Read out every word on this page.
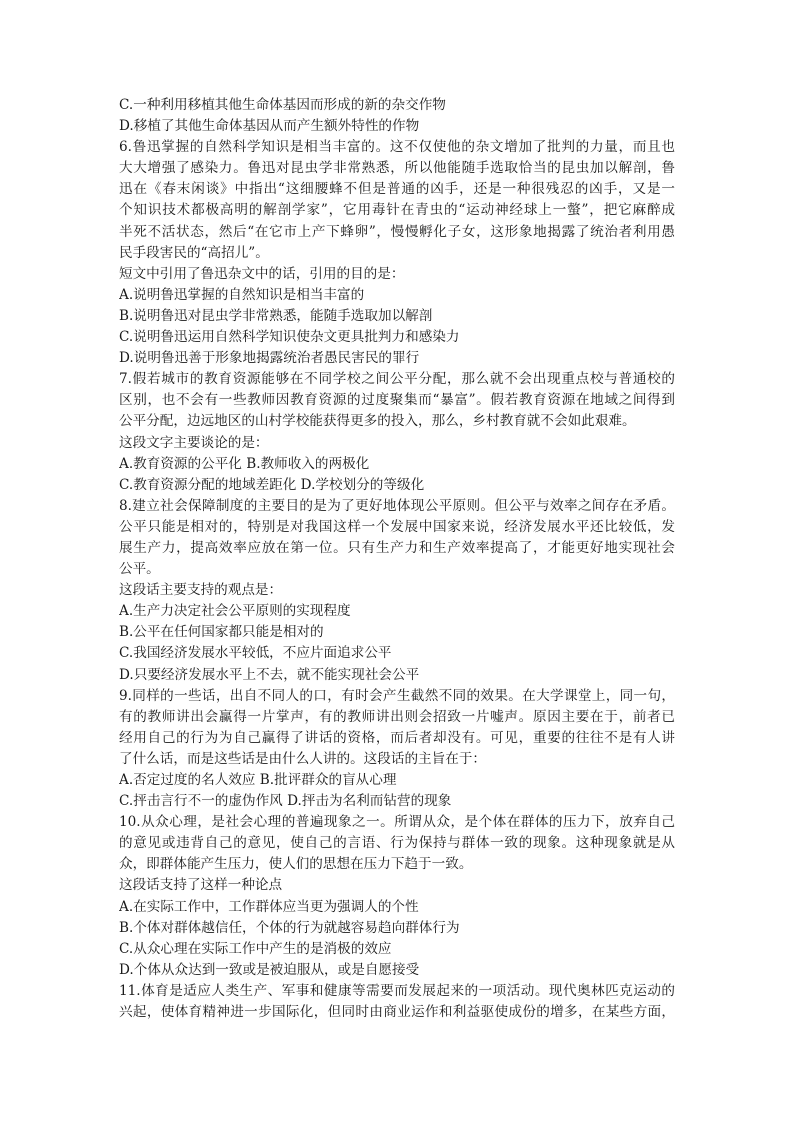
C.一种利用移植其他生命体基因而形成的新的杂交作物
D.移植了其他生命体基因从而产生额外特性的作物
6.鲁迅掌握的自然科学知识是相当丰富的。这不仅使他的杂文增加了批判的力量，而且也
大大增强了感染力。鲁迅对昆虫学非常熟悉，所以他能随手选取恰当的昆虫加以解剖，鲁
迅在《春末闲谈》中指出“这细腰蜂不但是普通的凶手，还是一种很残忍的凶手，又是一
个知识技术都极高明的解剖学家”，它用毒针在青虫的“运动神经球上一螫”，把它麻醉成
半死不活状态，然后“在它市上产下蜂卵”，慢慢孵化子女，这形象地揭露了统治者利用愚
民手段害民的“高招儿”。
短文中引用了鲁迅杂文中的话，引用的目的是：
A.说明鲁迅掌握的自然知识是相当丰富的
B.说明鲁迅对昆虫学非常熟悉，能随手选取加以解剖
C.说明鲁迅运用自然科学知识使杂文更具批判力和感染力
D.说明鲁迅善于形象地揭露统治者愚民害民的罪行
7.假若城市的教育资源能够在不同学校之间公平分配，那么就不会出现重点校与普通校的
区别，也不会有一些教师因教育资源的过度聚集而“暴富”。假若教育资源在地域之间得到
公平分配，边远地区的山村学校能获得更多的投入，那么，乡村教育就不会如此艰难。
这段文字主要谈论的是：
A.教育资源的公平化 B.教师收入的两极化
C.教育资源分配的地域差距化 D.学校划分的等级化
8.建立社会保障制度的主要目的是为了更好地体现公平原则。但公平与效率之间存在矛盾。
公平只能是相对的，特别是对我国这样一个发展中国家来说，经济发展水平还比较低，发
展生产力，提高效率应放在第一位。只有生产力和生产效率提高了，才能更好地实现社会
公平。
这段话主要支持的观点是：
A.生产力决定社会公平原则的实现程度
B.公平在任何国家都只能是相对的
C.我国经济发展水平较低，不应片面追求公平
D.只要经济发展水平上不去，就不能实现社会公平
9.同样的一些话，出自不同人的口，有时会产生截然不同的效果。在大学课堂上，同一句，
有的教师讲出会赢得一片掌声，有的教师讲出则会招致一片嘘声。原因主要在于，前者已
经用自己的行为为自己赢得了讲话的资格，而后者却没有。可见，重要的往往不是有人讲
了什么话，而是这些话是由什么人讲的。这段话的主旨在于：
A.否定过度的名人效应 B.批评群众的盲从心理
C.抨击言行不一的虚伪作风 D.抨击为名利而钻营的现象
10.从众心理，是社会心理的普遍现象之一。所谓从众，是个体在群体的压力下，放弃自己
的意见或违背自己的意见，使自己的言语、行为保持与群体一致的现象。这种现象就是从
众，即群体能产生压力，使人们的思想在压力下趋于一致。
这段话支持了这样一种论点
A.在实际工作中，工作群体应当更为强调人的个性
B.个体对群体越信任，个体的行为就越容易趋向群体行为
C.从众心理在实际工作中产生的是消极的效应
D.个体从众达到一致或是被迫服从，或是自愿接受
11.体育是适应人类生产、军事和健康等需要而发展起来的一项活动。现代奥林匹克运动的
兴起，使体育精神进一步国际化，但同时由商业运作和利益驱使成份的增多，在某些方面，
